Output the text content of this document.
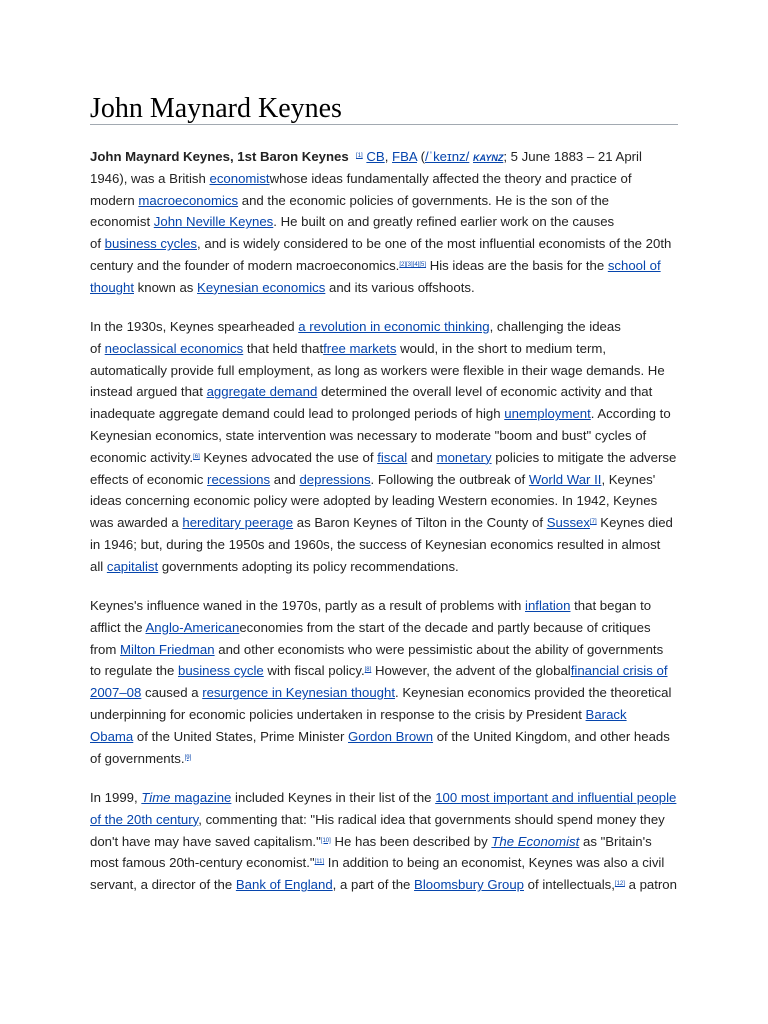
John Maynard Keynes
John Maynard Keynes, 1st Baron Keynes [1] CB, FBA (/ˈkeɪnz/ KAYNZ; 5 June 1883 – 21 April
1946), was a British economistwhose ideas fundamentally affected the theory and practice of
modern macroeconomics and the economic policies of governments. He is the son of the
economist John Neville Keynes. He built on and greatly refined earlier work on the causes
of business cycles, and is widely considered to be one of the most influential economists of the 20th
century and the founder of modern macroeconomics.[2][3][4][5] His ideas are the basis for the school of
thought known as Keynesian economics and its various offshoots.
In the 1930s, Keynes spearheaded a revolution in economic thinking, challenging the ideas
of neoclassical economics that held thatfree markets would, in the short to medium term,
automatically provide full employment, as long as workers were flexible in their wage demands. He
instead argued that aggregate demand determined the overall level of economic activity and that
inadequate aggregate demand could lead to prolonged periods of high unemployment. According to
Keynesian economics, state intervention was necessary to moderate "boom and bust" cycles of
economic activity.[6] Keynes advocated the use of fiscal and monetary policies to mitigate the adverse
effects of economic recessions and depressions. Following the outbreak of World War II, Keynes'
ideas concerning economic policy were adopted by leading Western economies. In 1942, Keynes
was awarded a hereditary peerage as Baron Keynes of Tilton in the County of Sussex[7] Keynes died
in 1946; but, during the 1950s and 1960s, the success of Keynesian economics resulted in almost
all capitalist governments adopting its policy recommendations.
Keynes's influence waned in the 1970s, partly as a result of problems with inflation that began to
afflict the Anglo-Americaneconomies from the start of the decade and partly because of critiques
from Milton Friedman and other economists who were pessimistic about the ability of governments
to regulate the business cycle with fiscal policy.[8] However, the advent of the globalfinancial crisis of
2007–08 caused a resurgence in Keynesian thought. Keynesian economics provided the theoretical
underpinning for economic policies undertaken in response to the crisis by President Barack
Obama of the United States, Prime Minister Gordon Brown of the United Kingdom, and other heads
of governments.[9]
In 1999, Time magazine included Keynes in their list of the 100 most important and influential people
of the 20th century, commenting that: "His radical idea that governments should spend money they
don't have may have saved capitalism."[10] He has been described by The Economist as "Britain's
most famous 20th-century economist."[11] In addition to being an economist, Keynes was also a civil
servant, a director of the Bank of England, a part of the Bloomsbury Group of intellectuals,[12] a patron
